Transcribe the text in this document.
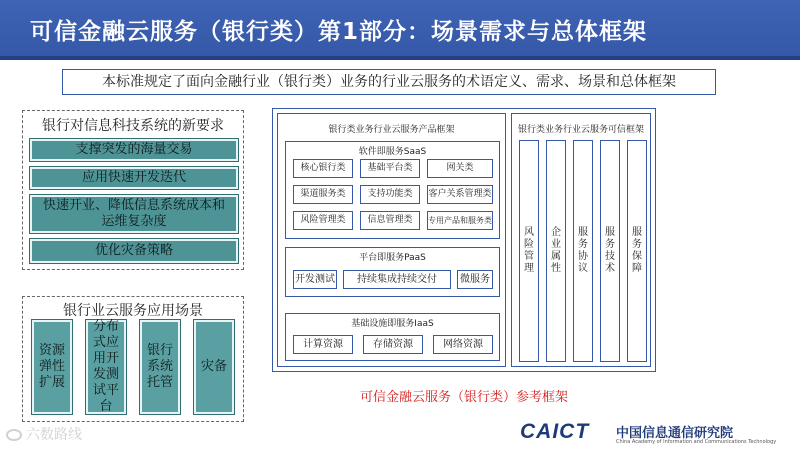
可信金融云服务（银行类）第1部分：场景需求与总体框架
本标准规定了面向金融行业（银行类）业务的行业云服务的术语定义、需求、场景和总体框架
银行对信息科技系统的新要求
支撑突发的海量交易
应用快速开发迭代
快速开业、降低信息系统成本和运维复杂度
优化灾备策略
银行业云服务应用场景
资源弹性扩展
分布式应用开发测试平台
银行系统托管
灾备
银行类业务行业云服务产品框架
软件即服务SaaS
核心银行类	基础平台类	网关类
渠道服务类	支持功能类	客户关系管理类
风险管理类	信息管理类	专用产品和服务类
平台即服务PaaS
开发测试	持续集成持续交付	微服务
基础设施即服务IaaS
计算资源	存储资源	网络资源
银行类业务行业云服务可信框架
风险管理
企业属性
服务协议
服务技术
服务保障
可信金融云服务（银行类）参考框架
六数路线	CAICT 中国信息通信研究院
China Academy of Information and Communications Technology
